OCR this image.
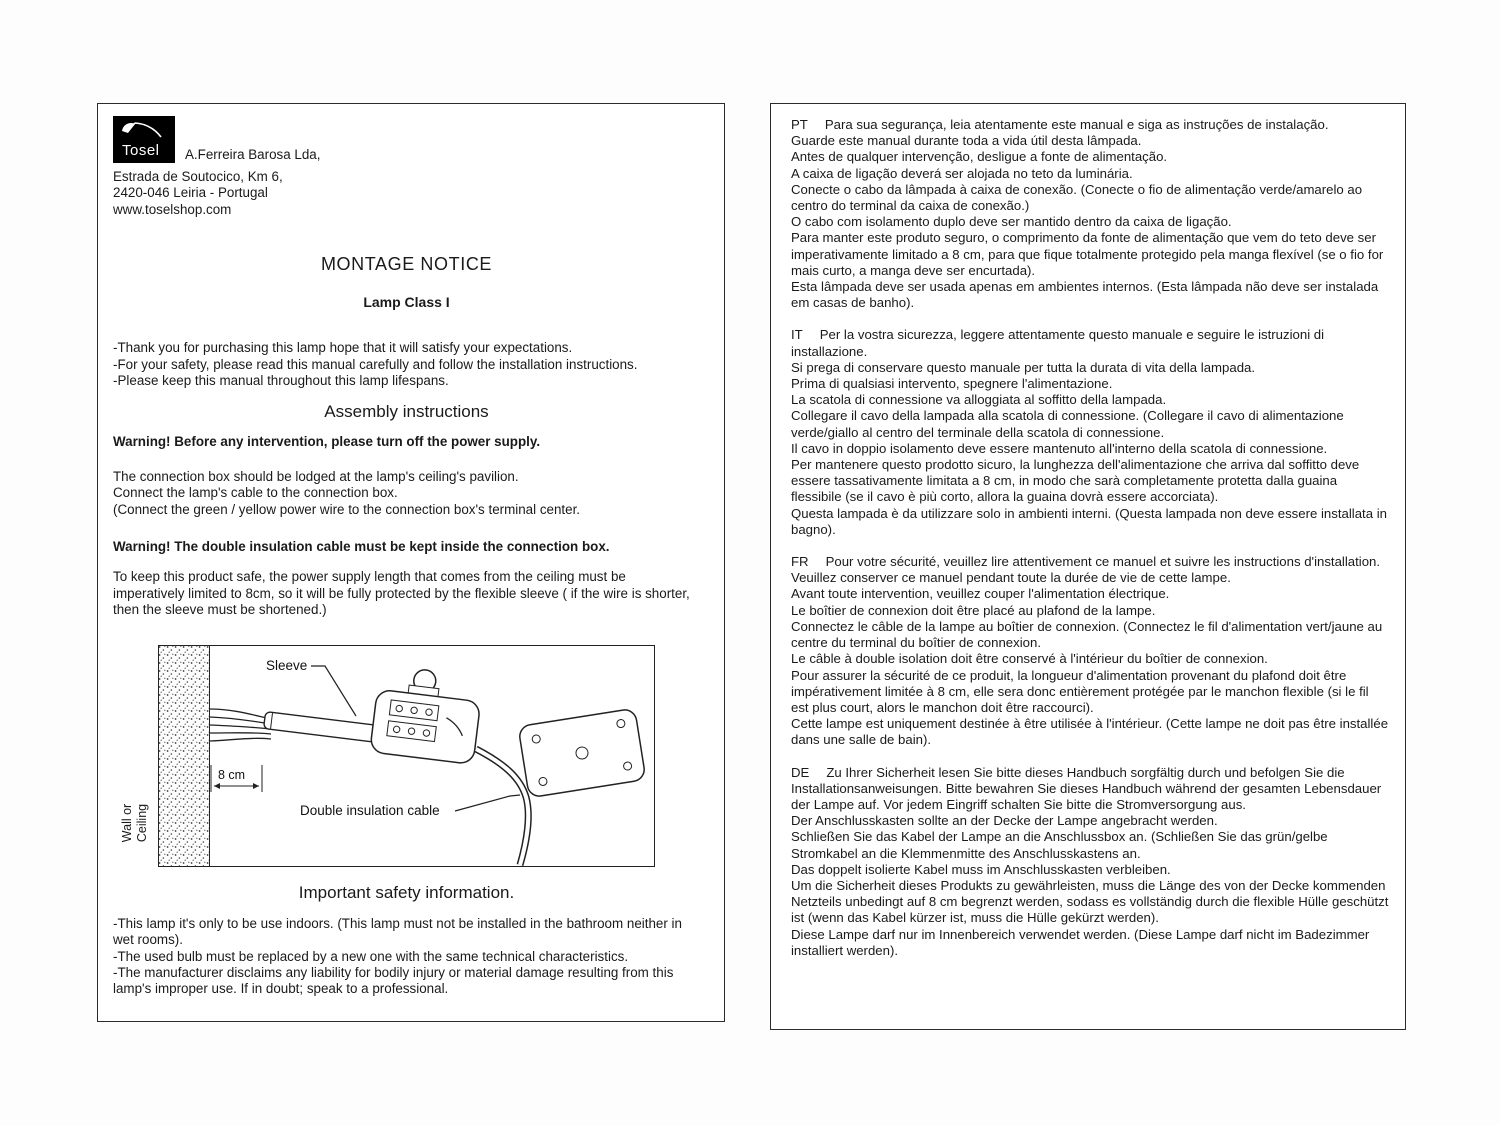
Tosel A.Ferreira Barosa Lda,

Estrada de Soutocico, Km 6,

2420-046 Leiria - Portugal

www.toselshop.com

MONTAGE NOTICE
Lamp Class I

-Thank you for purchasing this lamp hope that it will satisfy your expectations.

-For your safety, please read this manual carefully and follow the installation instructions.

-Please keep this manual throughout this lamp lifespans.

Assembly instructions

Warning! Before any intervention, please turn off the power supply.

The connection box should be lodged at the lamp's ceiling's pavilion.

Connect the lamp's cable to the connection box.

(Connect the green / yellow power wire to the connection box's terminal center.

Warning! The double insulation cable must be kept inside the connection box.

To keep this product safe, the power supply length that comes from the ceiling must be imperatively limited to 8cm, so it will be fully protected by the flexible sleeve ( if the wire is shorter, then the sleeve must be shortened.)

Wall or Ceiling
8 cm
Sleeve
Double insulation cable
Important safety information.

-This lamp it's only to be use indoors. (This lamp must not be installed in the bathroom neither in wet rooms).

-The used bulb must be replaced by a new one with the same technical characteristics.

-The manufacturer disclaims any liability for bodily injury or material damage resulting from this lamp's improper use. If in doubt; speak to a professional.

PT Para sua segurança, leia atentamente este manual e siga as instruções de instalação.

Guarde este manual durante toda a vida útil desta lâmpada.

Antes de qualquer intervenção, desligue a fonte de alimentação.

A caixa de ligação deverá ser alojada no teto da luminária.

Conecte o cabo da lâmpada à caixa de conexão. (Conecte o fio de alimentação verde/amarelo ao centro do terminal da caixa de conexão.)

O cabo com isolamento duplo deve ser mantido dentro da caixa de ligação.

Para manter este produto seguro, o comprimento da fonte de alimentação que vem do teto deve ser imperativamente limitado a 8 cm, para que fique totalmente protegido pela manga flexível (se o fio for mais curto, a manga deve ser encurtada).

Esta lâmpada deve ser usada apenas em ambientes internos. (Esta lâmpada não deve ser instalada em casas de banho).

IT Per la vostra sicurezza, leggere attentamente questo manuale e seguire le istruzioni di installazione.

Si prega di conservare questo manuale per tutta la durata di vita della lampada.

Prima di qualsiasi intervento, spegnere l'alimentazione.

La scatola di connessione va alloggiata al soffitto della lampada.

Collegare il cavo della lampada alla scatola di connessione. (Collegare il cavo di alimentazione verde/giallo al centro del terminale della scatola di connessione.

Il cavo in doppio isolamento deve essere mantenuto all'interno della scatola di connessione.

Per mantenere questo prodotto sicuro, la lunghezza dell'alimentazione che arriva dal soffitto deve essere tassativamente limitata a 8 cm, in modo che sarà completamente protetta dalla guaina flessibile (se il cavo è più corto, allora la guaina dovrà essere accorciata).

Questa lampada è da utilizzare solo in ambienti interni. (Questa lampada non deve essere installata in bagno).

FR Pour votre sécurité, veuillez lire attentivement ce manuel et suivre les instructions d'installation. Veuillez conserver ce manuel pendant toute la durée de vie de cette lampe.

Avant toute intervention, veuillez couper l'alimentation électrique.

Le boîtier de connexion doit être placé au plafond de la lampe.

Connectez le câble de la lampe au boîtier de connexion. (Connectez le fil d'alimentation vert/jaune au centre du terminal du boîtier de connexion.

Le câble à double isolation doit être conservé à l'intérieur du boîtier de connexion.

Pour assurer la sécurité de ce produit, la longueur d'alimentation provenant du plafond doit être impérativement limitée à 8 cm, elle sera donc entièrement protégée par le manchon flexible (si le fil est plus court, alors le manchon doit être raccourci).

Cette lampe est uniquement destinée à être utilisée à l'intérieur. (Cette lampe ne doit pas être installée dans une salle de bain).

DE Zu Ihrer Sicherheit lesen Sie bitte dieses Handbuch sorgfältig durch und befolgen Sie die Installationsanweisungen. Bitte bewahren Sie dieses Handbuch während der gesamten Lebensdauer der Lampe auf. Vor jedem Eingriff schalten Sie bitte die Stromversorgung aus.

Der Anschlusskasten sollte an der Decke der Lampe angebracht werden.

Schließen Sie das Kabel der Lampe an die Anschlussbox an. (Schließen Sie das grün/gelbe Stromkabel an die Klemmenmitte des Anschlusskastens an.

Das doppelt isolierte Kabel muss im Anschlusskasten verbleiben.

Um die Sicherheit dieses Produkts zu gewährleisten, muss die Länge des von der Decke kommenden Netzteils unbedingt auf 8 cm begrenzt werden, sodass es vollständig durch die flexible Hülle geschützt ist (wenn das Kabel kürzer ist, muss die Hülle gekürzt werden).

Diese Lampe darf nur im Innenbereich verwendet werden. (Diese Lampe darf nicht im Badezimmer installiert werden).
